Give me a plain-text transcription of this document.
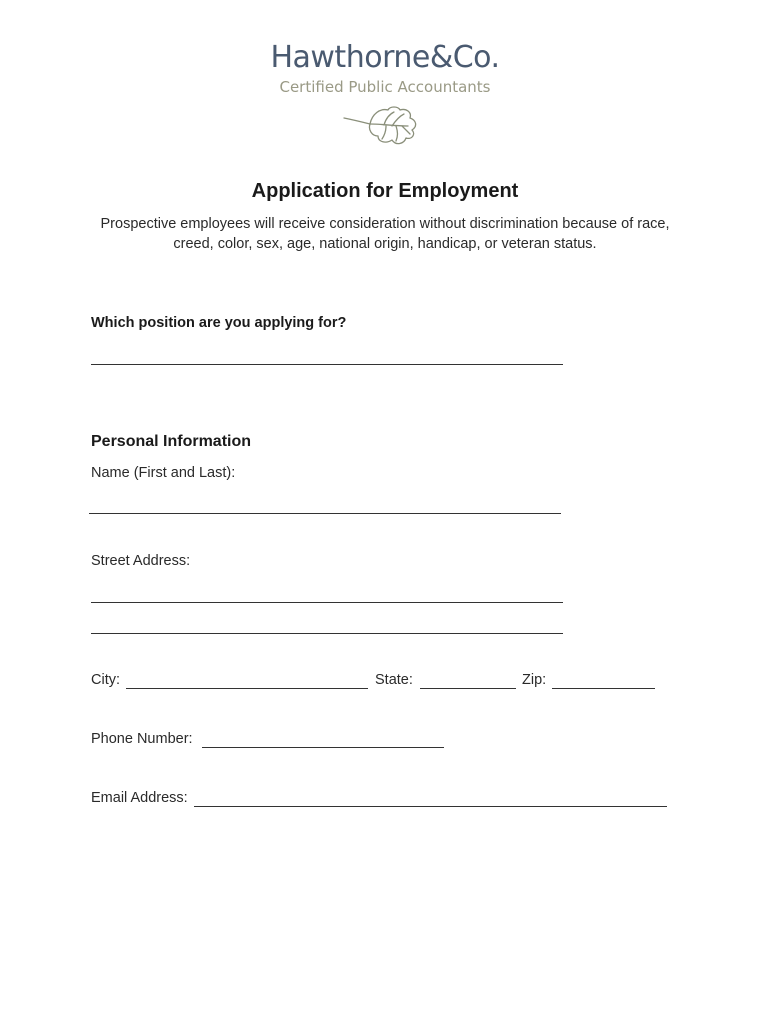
Hawthorne&Co.
Certified Public Accountants
Application for Employment
Prospective employees will receive consideration without discrimination because of race, creed, color, sex, age, national origin, handicap, or veteran status.
Which position are you applying for?
Personal Information
Name (First and Last):
Street Address:
City:	State:	Zip:
Phone Number:
Email Address:
